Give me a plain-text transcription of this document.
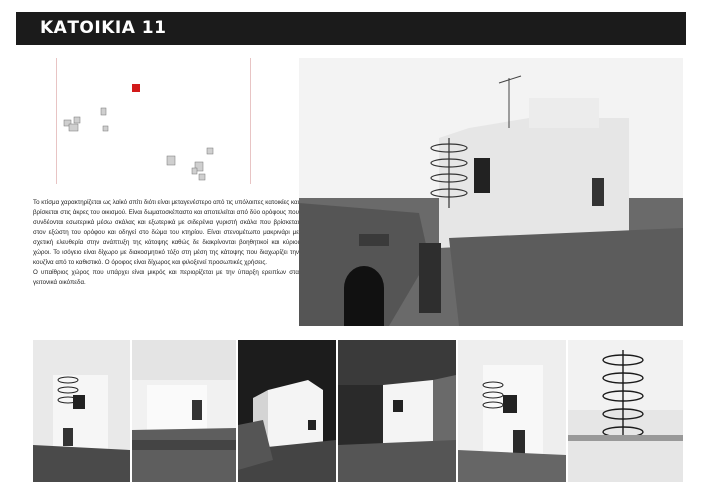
ΚΑΤΟΙΚΙΑ 11

Το κτίσμα χαρακτηρίζεται ως λαϊκό σπίτι διότι είναι μεταγενέστερο από τις υπόλοιπες κατοικίες και βρίσκεται στις άκρες του οικισμού. Είναι δωματοσκέπαστο και αποτελείται από δύο ορόφους που συνδέονται εσωτερικά μέσω σκάλας και εξωτερικά με σιδερένια γυριστή σκάλα που βρίσκεται στον εξώστη του ορόφου και οδηγεί στο δώμα του κτηρίου. Είναι στενομέτωπο μακρινάρι με σχετική ελευθερία στην ανάπτυξη της κάτοψης καθώς δε διακρίνονται βοηθητικοί και κύριοι χώροι. Το ισόγειο είναι δίχωρο με διακοσμητικό τόξο στη μέση της κάτοψης που διαχωρίζει την κουζίνα από το καθιστικό. Ο όροφος είναι δίχωρος και φιλοξενεί προσωπικές χρήσεις.

Ο υπαίθριος χώρος που υπάρχει είναι μικρός και περιορίζεται με την ύπαρξη ερειπίων στα γειτονικά οικόπεδα.
